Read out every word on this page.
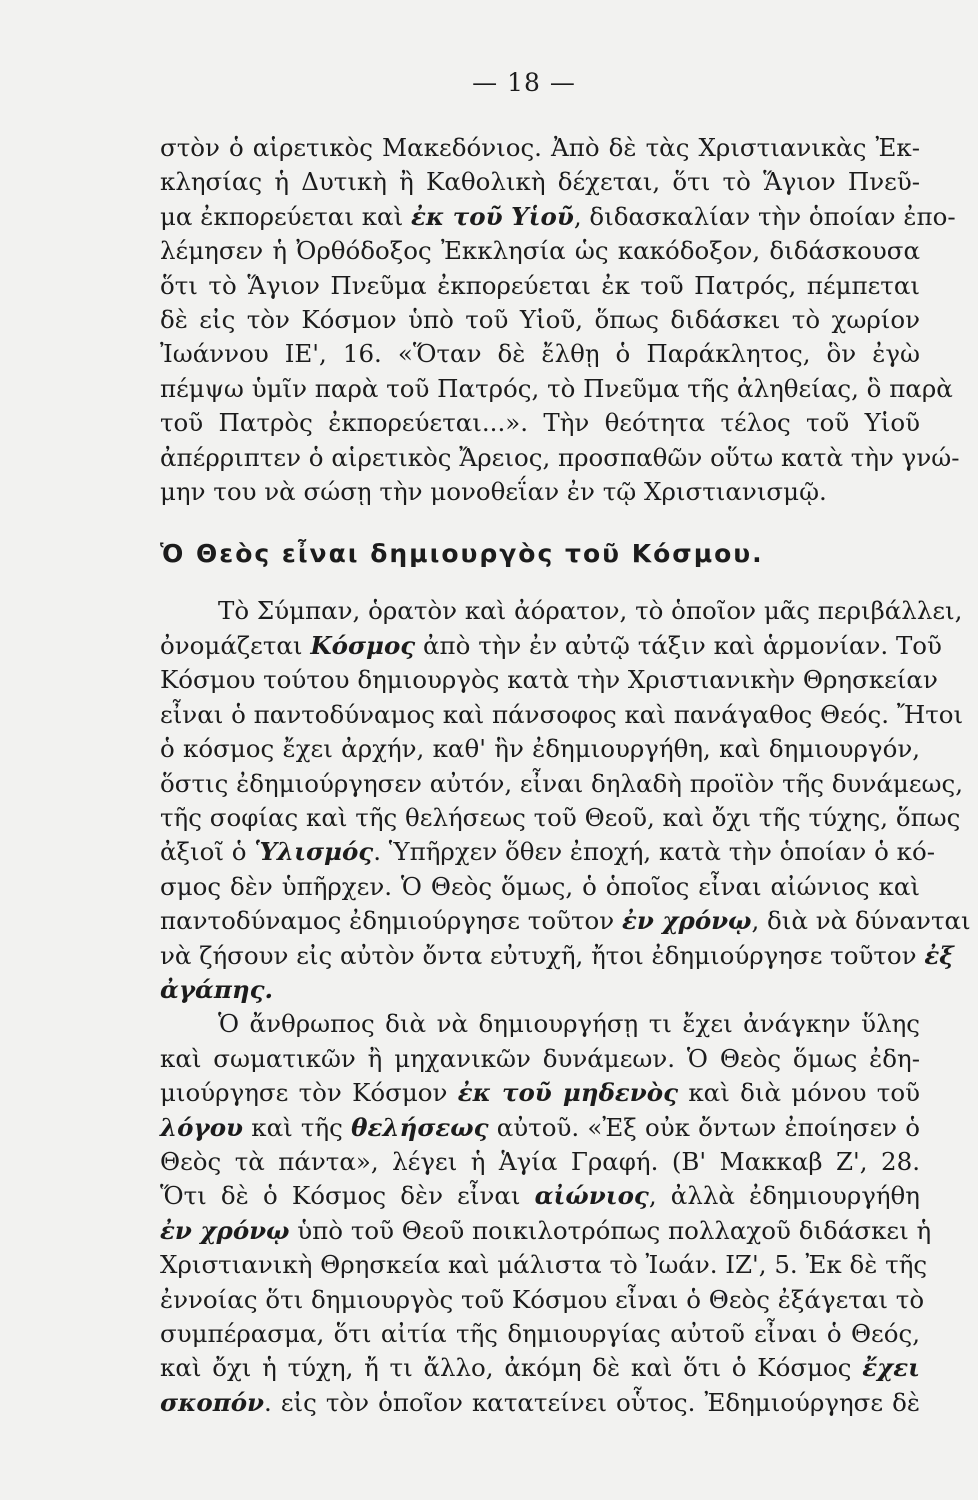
— 18 —
στὸν ὁ αἱρετικὸς Μακεδόνιος. Ἀπὸ δὲ τὰς Χριστιανικὰς Ἐκ-
κλησίας ἡ Δυτικὴ ἢ Καθολικὴ δέχεται, ὅτι τὸ Ἅγιον Πνεῦ-
μα ἐκπορεύεται καὶ ἐκ τοῦ Υἱοῦ, διδασκαλίαν τὴν ὁποίαν ἐπο-
λέμησεν ἡ Ὀρθόδοξος Ἐκκλησία ὡς κακόδοξον, διδάσκουσα
ὅτι τὸ Ἅγιον Πνεῦμα ἐκπορεύεται ἐκ τοῦ Πατρός, πέμπεται
δὲ εἰς τὸν Κόσμον ὑπὸ τοῦ Υἱοῦ, ὅπως διδάσκει τὸ χωρίον
Ἰωάννου ΙΕ', 16. «Ὅταν δὲ ἔλθῃ ὁ Παράκλητος, ὃν ἐγὼ
πέμψω ὑμῖν παρὰ τοῦ Πατρός, τὸ Πνεῦμα τῆς ἀληθείας, ὃ παρὰ
τοῦ Πατρὸς ἐκπορεύεται...». Τὴν θεότητα τέλος τοῦ Υἱοῦ
ἀπέρριπτεν ὁ αἱρετικὸς Ἄρειος, προσπαθῶν οὕτω κατὰ τὴν γνώ-
μην του νὰ σώσῃ τὴν μονοθεΐαν ἐν τῷ Χριστιανισμῷ.
Ὁ Θεὸς εἶναι δημιουργὸς τοῦ Κόσμου.
Τὸ Σύμπαν, ὁρατὸν καὶ ἀόρατον, τὸ ὁποῖον μᾶς περιβάλλει,
ὀνομάζεται Κόσμος ἀπὸ τὴν ἐν αὐτῷ τάξιν καὶ ἁρμονίαν. Τοῦ
Κόσμου τούτου δημιουργὸς κατὰ τὴν Χριστιανικὴν Θρησκείαν
εἶναι ὁ παντοδύναμος καὶ πάνσοφος καὶ πανάγαθος Θεός. Ἤτοι
ὁ κόσμος ἔχει ἀρχήν, καθ' ἣν ἐδημιουργήθη, καὶ δημιουργόν,
ὅστις ἐδημιούργησεν αὐτόν, εἶναι δηλαδὴ προϊὸν τῆς δυνάμεως,
τῆς σοφίας καὶ τῆς θελήσεως τοῦ Θεοῦ, καὶ ὄχι τῆς τύχης, ὅπως
ἀξιοῖ ὁ Ὑλισμός. Ὑπῆρχεν ὅθεν ἐποχή, κατὰ τὴν ὁποίαν ὁ κό-
σμος δὲν ὑπῆρχεν. Ὁ Θεὸς ὅμως, ὁ ὁποῖος εἶναι αἰώνιος καὶ
παντοδύναμος ἐδημιούργησε τοῦτον ἐν χρόνῳ, διὰ νὰ δύνανται
νὰ ζήσουν εἰς αὐτὸν ὄντα εὐτυχῆ, ἤτοι ἐδημιούργησε τοῦτον ἐξ
ἀγάπης.
Ὁ ἄνθρωπος διὰ νὰ δημιουργήσῃ τι ἔχει ἀνάγκην ὕλης
καὶ σωματικῶν ἢ μηχανικῶν δυνάμεων. Ὁ Θεὸς ὅμως ἐδη-
μιούργησε τὸν Κόσμον ἐκ τοῦ μηδενὸς καὶ διὰ μόνου τοῦ
λόγου καὶ τῆς θελήσεως αὐτοῦ. «Ἐξ οὐκ ὄντων ἐποίησεν ὁ
Θεὸς τὰ πάντα», λέγει ἡ Ἁγία Γραφή. (Β' Μακκαβ Ζ', 28.
Ὅτι δὲ ὁ Κόσμος δὲν εἶναι αἰώνιος, ἀλλὰ ἐδημιουργήθη
ἐν χρόνῳ ὑπὸ τοῦ Θεοῦ ποικιλοτρόπως πολλαχοῦ διδάσκει ἡ
Χριστιανικὴ Θρησκεία καὶ μάλιστα τὸ Ἰωάν. ΙΖ', 5. Ἐκ δὲ τῆς
ἐννοίας ὅτι δημιουργὸς τοῦ Κόσμου εἶναι ὁ Θεὸς ἐξάγεται τὸ
συμπέρασμα, ὅτι αἰτία τῆς δημιουργίας αὐτοῦ εἶναι ὁ Θεός,
καὶ ὄχι ἡ τύχη, ἤ τι ἄλλο, ἀκόμη δὲ καὶ ὅτι ὁ Κόσμος ἔχει
σκοπόν. εἰς τὸν ὁποῖον κατατείνει οὗτος. Ἐδημιούργησε δὲ
